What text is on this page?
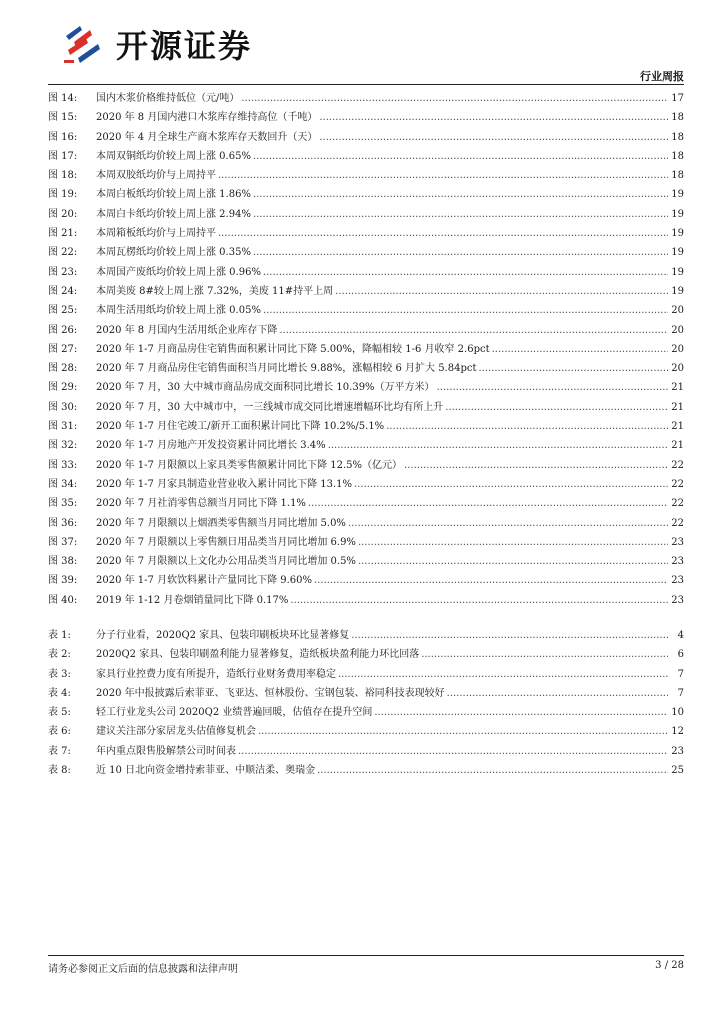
开源证券
行业周报
图 14:	国内木浆价格维持低位（元/吨） .....	17
图 15:	2020 年 8 月国内港口木浆库存维持高位（千吨） .....	18
图 16:	2020 年 4 月全球生产商木浆库存天数回升（天） .....	18
图 17:	本周双铜纸均价较上周上涨 0.65% .....	18
图 18:	本周双胶纸均价与上周持平 .....	18
图 19:	本周白板纸均价较上周上涨 1.86% .....	19
图 20:	本周白卡纸均价较上周上涨 2.94% .....	19
图 21:	本周箱板纸均价与上周持平 .....	19
图 22:	本周瓦楞纸均价较上周上涨 0.35% .....	19
图 23:	本周国产废纸均价较上周上涨 0.96% .....	19
图 24:	本周美废 8#较上周上涨 7.32%，美废 11#持平上周 .....	19
图 25:	本周生活用纸均价较上周上涨 0.05% .....	20
图 26:	2020 年 8 月国内生活用纸企业库存下降 .....	20
图 27:	2020 年 1-7 月商品房住宅销售面积累计同比下降 5.00%，降幅相较 1-6 月收窄 2.6pct .....	20
图 28:	2020 年 7 月商品房住宅销售面积当月同比增长 9.88%，涨幅相较 6 月扩大 5.84pct .....	20
图 29:	2020 年 7 月，30 大中城市商品房成交面积同比增长 10.39%（万平方米） .....	21
图 30:	2020 年 7 月，30 大中城市中，一三线城市成交同比增速增幅环比均有所上升 .....	21
图 31:	2020 年 1-7 月住宅竣工/新开工面积累计同比下降 10.2%/5.1% .....	21
图 32:	2020 年 1-7 月房地产开发投资累计同比增长 3.4% .....	21
图 33:	2020 年 1-7 月限额以上家具类零售额累计同比下降 12.5%（亿元） .....	22
图 34:	2020 年 1-7 月家具制造业营业收入累计同比下降 13.1% .....	22
图 35:	2020 年 7 月社消零售总额当月同比下降 1.1% .....	22
图 36:	2020 年 7 月限额以上烟酒类零售额当月同比增加 5.0% .....	22
图 37:	2020 年 7 月限额以上零售额日用品类当月同比增加 6.9% .....	23
图 38:	2020 年 7 月限额以上文化办公用品类当月同比增加 0.5% .....	23
图 39:	2020 年 1-7 月软饮料累计产量同比下降 9.60% .....	23
图 40:	2019 年 1-12 月卷烟销量同比下降 0.17% .....	23
表 1:	分子行业看，2020Q2 家具、包装印刷板块环比显著修复 .....	4
表 2:	2020Q2 家具、包装印刷盈利能力显著修复，造纸板块盈利能力环比回落 .....	6
表 3:	家具行业控费力度有所提升，造纸行业财务费用率稳定 .....	7
表 4:	2020 年中报披露后索菲亚、飞亚达、恒林股份、宝钢包装、裕同科技表现较好 .....	7
表 5:	轻工行业龙头公司 2020Q2 业绩普遍回暖，估值存在提升空间 .....	10
表 6:	建议关注部分家居龙头估值修复机会 .....	12
表 7:	年内重点限售股解禁公司时间表 .....	23
表 8:	近 10 日北向资金增持索菲亚、中顺洁柔、奥瑞金 .....	25
请务必参阅正文后面的信息披露和法律声明	3 / 28
